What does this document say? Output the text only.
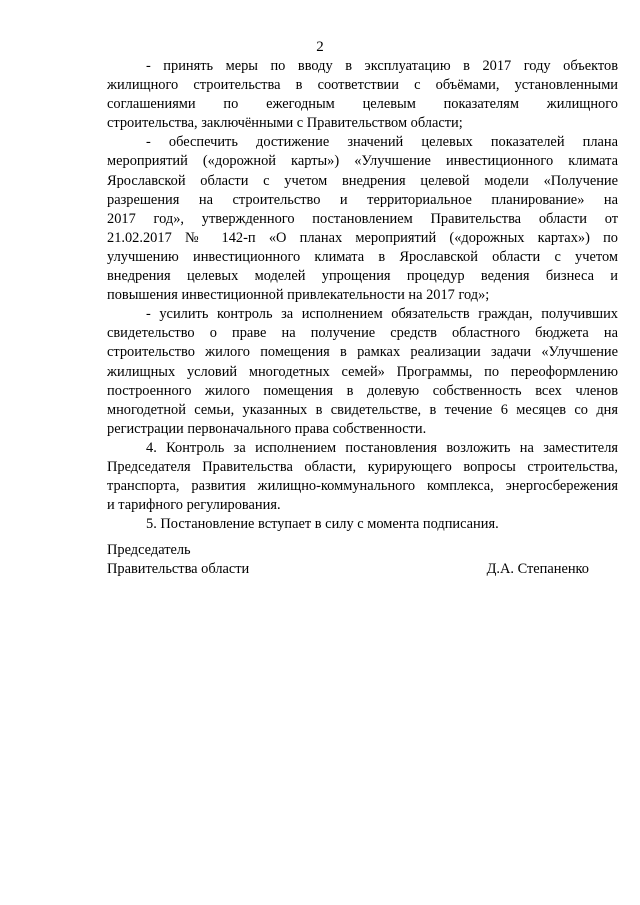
2
- принять меры по вводу в эксплуатацию в 2017 году объектов
жилищного строительства в соответствии с объёмами, установленными
соглашениями по ежегодным целевым показателям жилищного
строительства, заключёнными с Правительством области;
- обеспечить достижение значений целевых показателей плана
мероприятий («дорожной карты») «Улучшение инвестиционного климата
Ярославской области с учетом внедрения целевой модели «Получение
разрешения на строительство и территориальное планирование» на
2017 год», утвержденного постановлением Правительства области от
21.02.2017 № 142-п «О планах мероприятий («дорожных картах») по
улучшению инвестиционного климата в Ярославской области с учетом
внедрения целевых моделей упрощения процедур ведения бизнеса и
повышения инвестиционной привлекательности на 2017 год»;
- усилить контроль за исполнением обязательств граждан, получивших
свидетельство о праве на получение средств областного бюджета на
строительство жилого помещения в рамках реализации задачи «Улучшение
жилищных условий многодетных семей» Программы, по переоформлению
построенного жилого помещения в долевую собственность всех членов
многодетной семьи, указанных в свидетельстве, в течение 6 месяцев со дня
регистрации первоначального права собственности.
4. Контроль за исполнением постановления возложить на заместителя
Председателя Правительства области, курирующего вопросы строительства,
транспорта, развития жилищно-коммунального комплекса, энергосбережения
и тарифного регулирования.
5. Постановление вступает в силу с момента подписания.
Председатель
Правительства области	Д.А. Степаненко
